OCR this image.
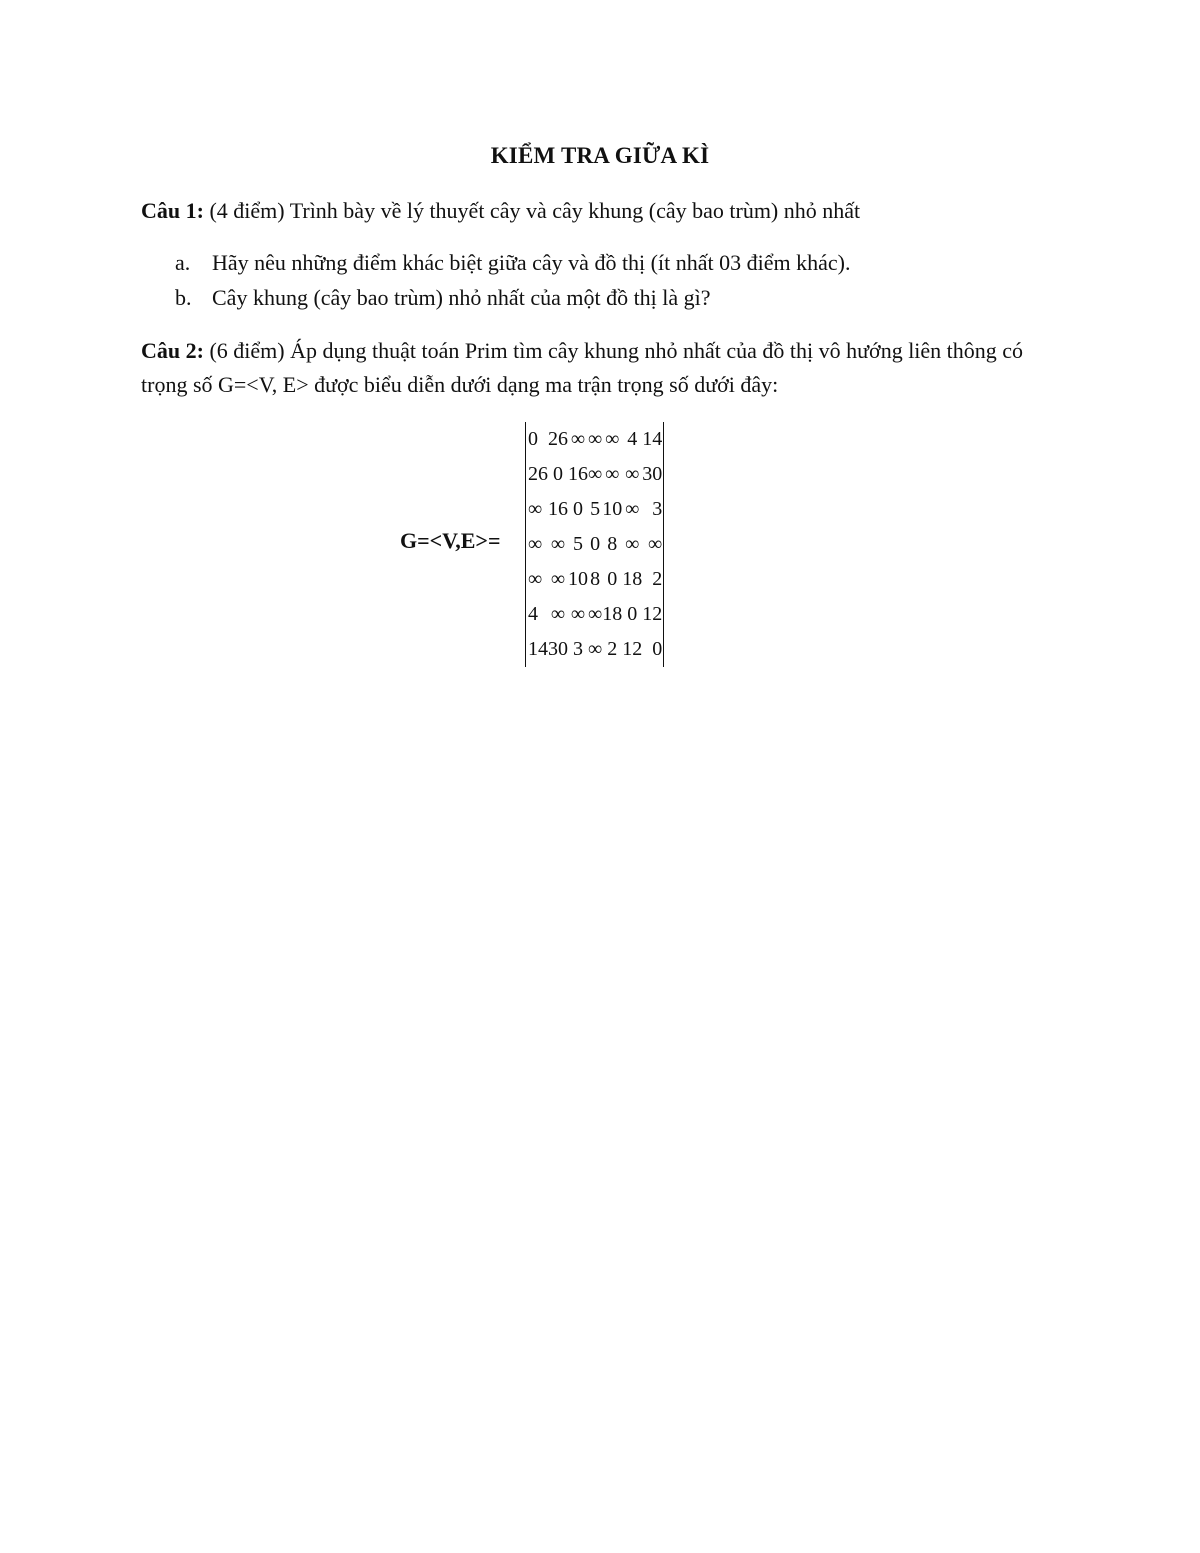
KIỂM TRA GIỮA KÌ
Câu 1: (4 điểm) Trình bày về lý thuyết cây và cây khung (cây bao trùm) nhỏ nhất
a. Hãy nêu những điểm khác biệt giữa cây và đồ thị (ít nhất 03 điểm khác).
b. Cây khung (cây bao trùm) nhỏ nhất của một đồ thị là gì?
Câu 2: (6 điểm) Áp dụng thuật toán Prim tìm cây khung nhỏ nhất của đồ thị vô hướng liên thông có trọng số G=<V, E> được biểu diễn dưới dạng ma trận trọng số dưới đây:
G=<V,E>=
0	26	∞	∞	∞	4	14
26	0	16	∞	∞	∞	30
∞	16	0	5	10	∞	3
∞	∞	5	0	8	∞	∞
∞	∞	10	8	0	18	2
4	∞	∞	∞	18	0	12
14	30	3	∞	2	12	0
